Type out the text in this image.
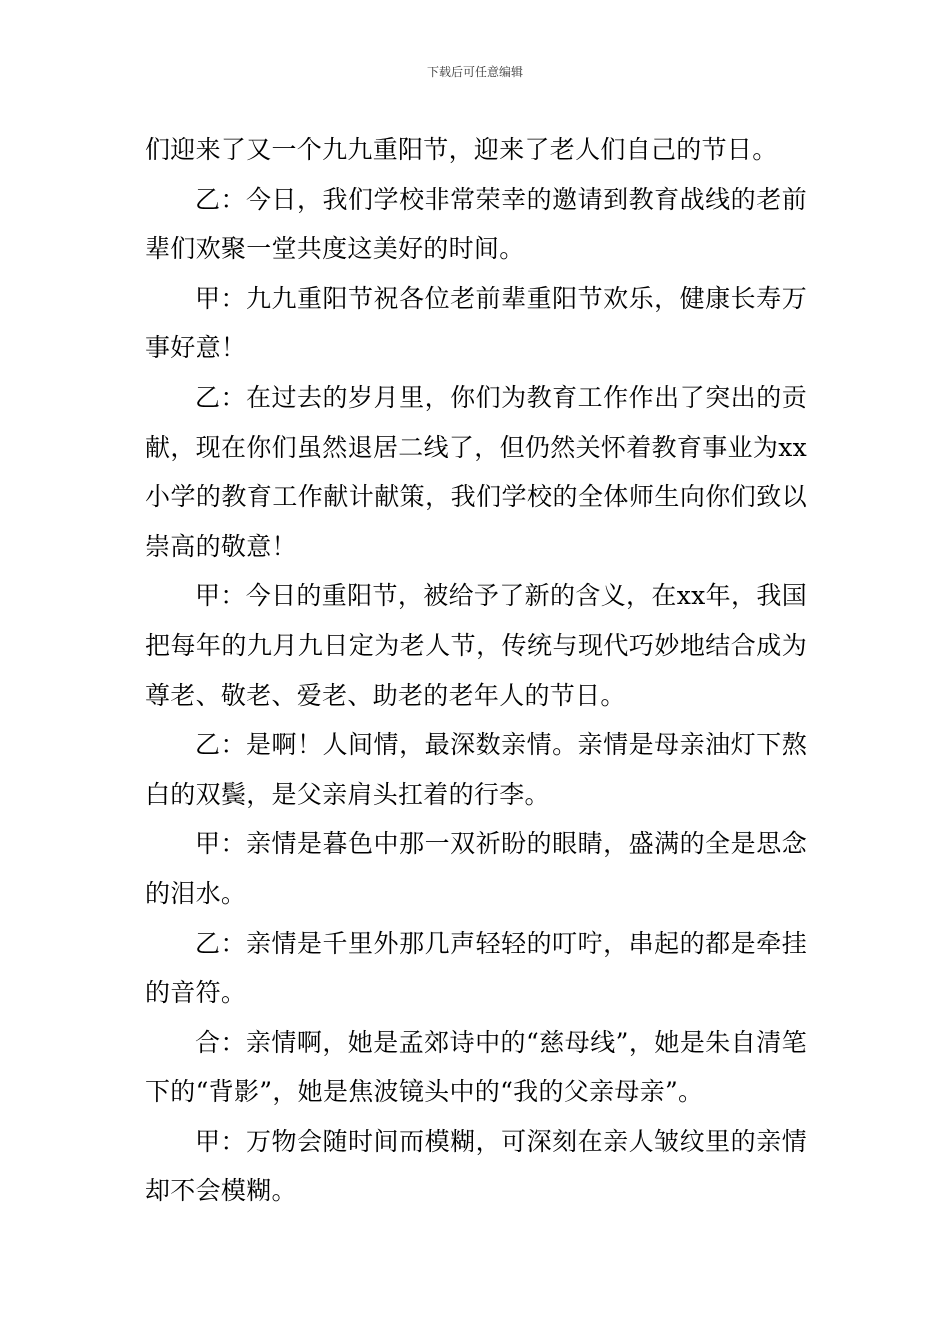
下载后可任意编辑

们迎来了又一个九九重阳节，迎来了老人们自己的节日。

乙：今日，我们学校非常荣幸的邀请到教育战线的老前辈们欢聚一堂共度这美好的时间。

甲：九九重阳节祝各位老前辈重阳节欢乐，健康长寿万事好意！

乙：在过去的岁月里，你们为教育工作作出了突出的贡献，现在你们虽然退居二线了，但仍然关怀着教育事业为xx小学的教育工作献计献策，我们学校的全体师生向你们致以崇高的敬意！

甲：今日的重阳节，被给予了新的含义，在xx年，我国把每年的九月九日定为老人节，传统与现代巧妙地结合成为尊老、敬老、爱老、助老的老年人的节日。

乙：是啊！人间情，最深数亲情。亲情是母亲油灯下熬白的双鬓，是父亲肩头扛着的行李。

甲：亲情是暮色中那一双祈盼的眼睛，盛满的全是思念的泪水。

乙：亲情是千里外那几声轻轻的叮咛，串起的都是牵挂的音符。

合：亲情啊，她是孟郊诗中的“慈母线”，她是朱自清笔下的“背影”，她是焦波镜头中的“我的父亲母亲”。

甲：万物会随时间而模糊，可深刻在亲人皱纹里的亲情却不会模糊。
